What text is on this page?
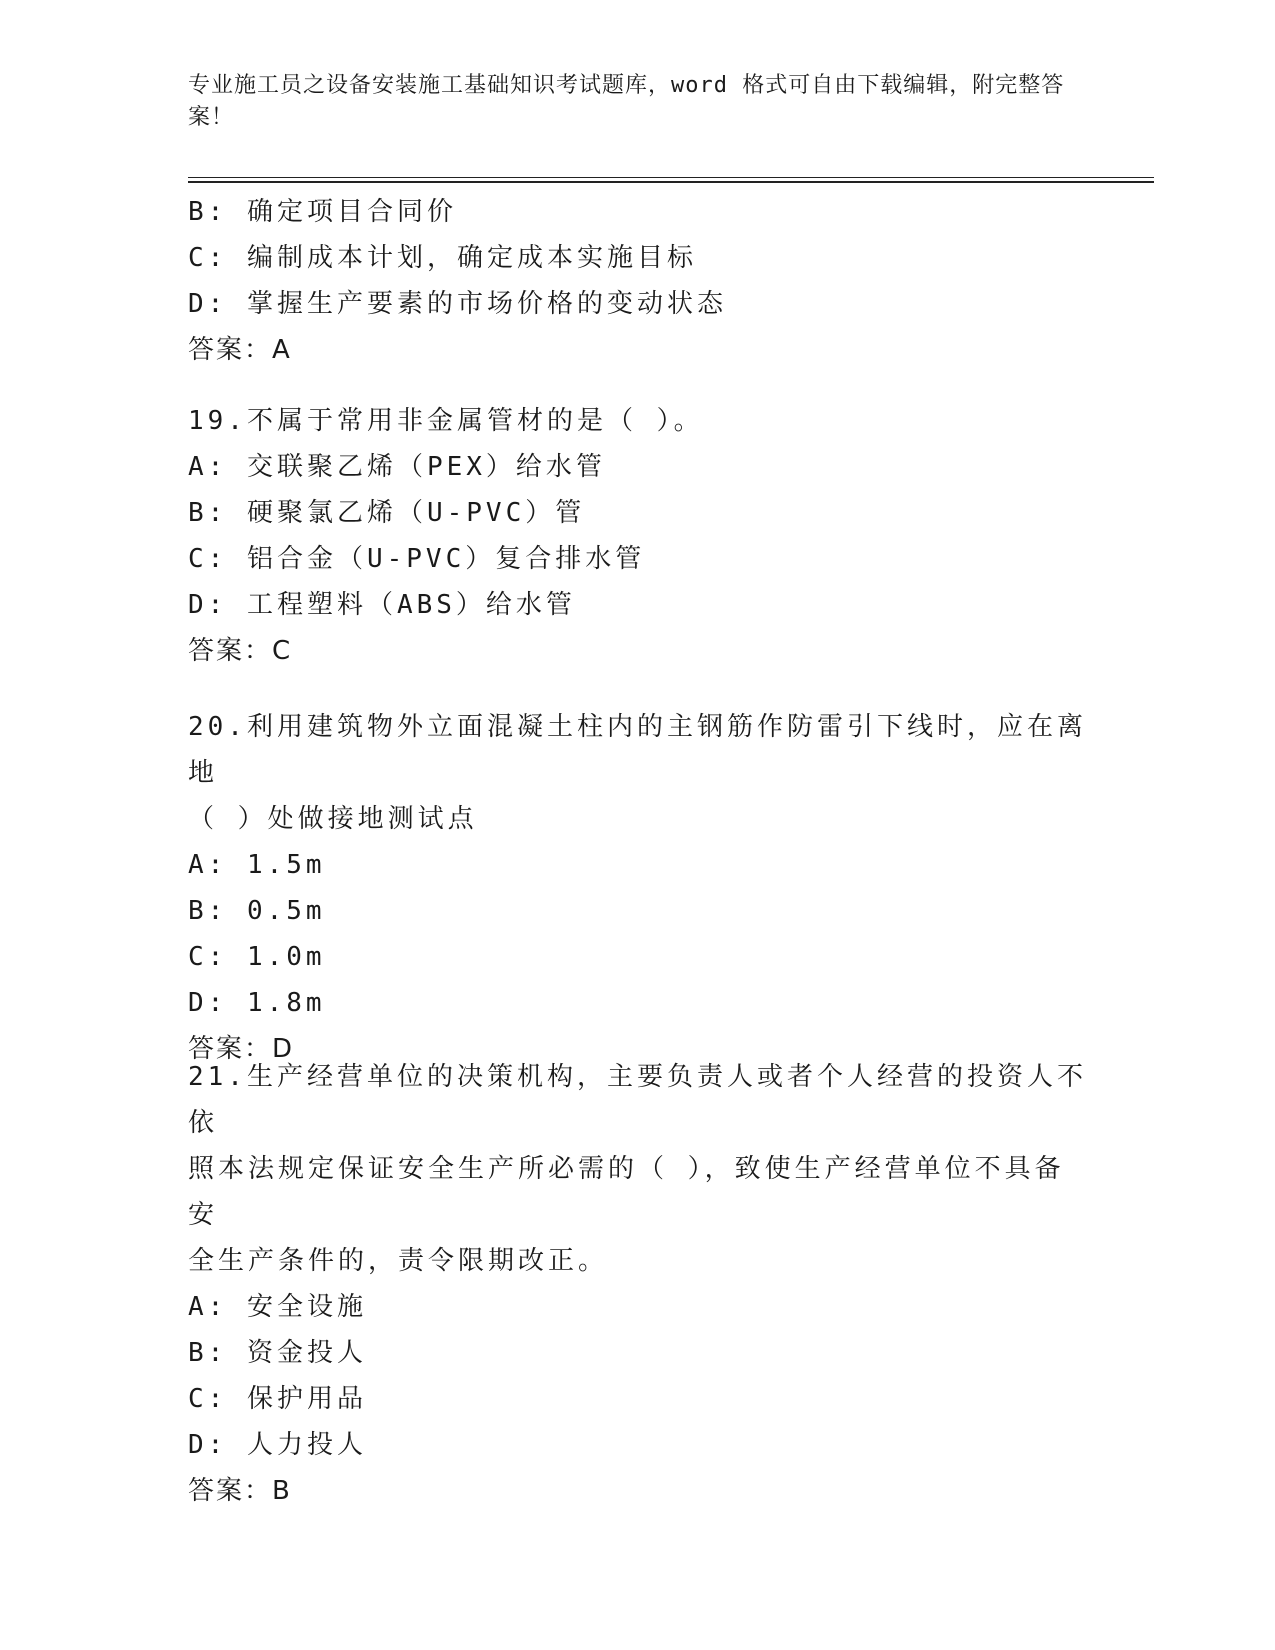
专业施工员之设备安装施工基础知识考试题库，word 格式可自由下载编辑，附完整答案！
B: 确定项目合同价
C: 编制成本计划，确定成本实施目标
D: 掌握生产要素的市场价格的变动状态
答案：A
19.不属于常用非金属管材的是（ ）。
A: 交联聚乙烯（PEX）给水管
B: 硬聚氯乙烯（U-PVC）管
C: 铝合金（U-PVC）复合排水管
D: 工程塑料（ABS）给水管
答案：C
20.利用建筑物外立面混凝土柱内的主钢筋作防雷引下线时，应在离地
（ ）处做接地测试点
A: 1.5m
B: 0.5m
C: 1.0m
D: 1.8m
答案：D
21.生产经营单位的决策机构，主要负责人或者个人经营的投资人不依
照本法规定保证安全生产所必需的（ ），致使生产经营单位不具备安
全生产条件的，责令限期改正。
A: 安全设施
B: 资金投人
C: 保护用品
D: 人力投人
答案：B
